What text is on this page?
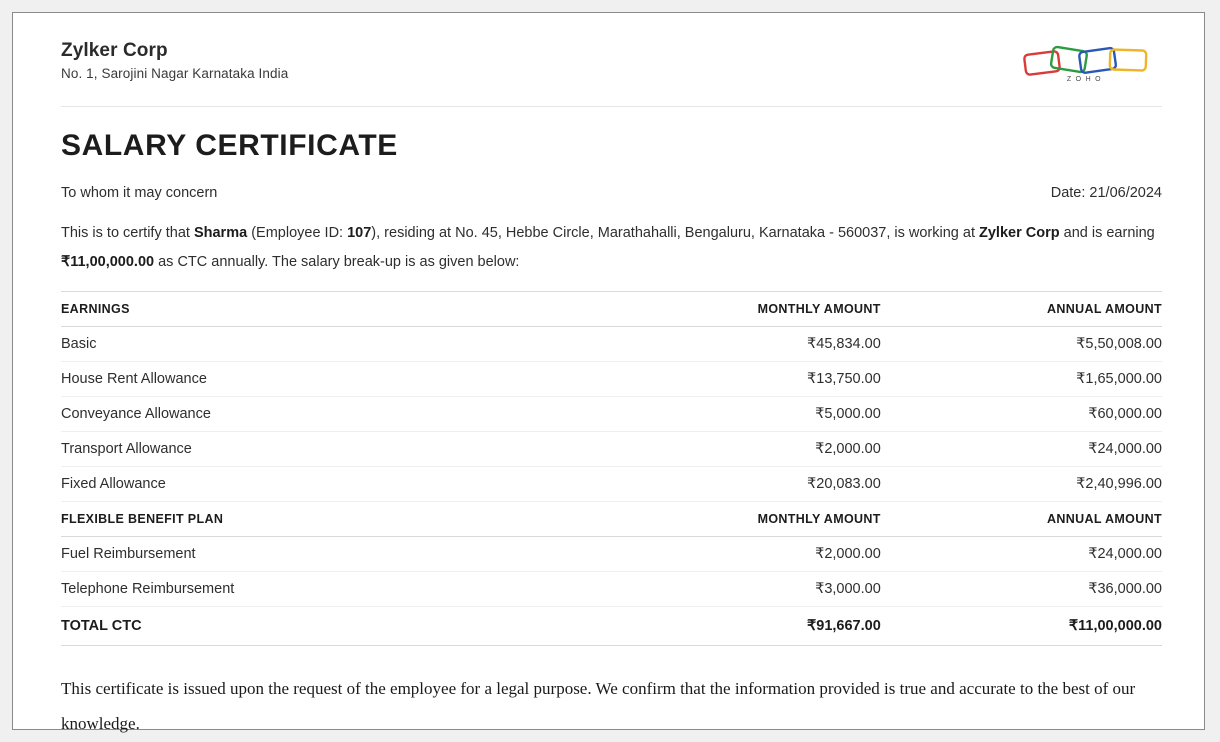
Zylker Corp
No. 1, Sarojini Nagar Karnataka India	ZOHO
SALARY CERTIFICATE
To whom it may concern	Date: 21/06/2024

This is to certify that Sharma (Employee ID: 107), residing at No. 45, Hebbe Circle, Marathahalli, Bengaluru, Karnataka - 560037, is working at Zylker Corp and is earning ₹11,00,000.00 as CTC annually. The salary break-up is as given below:

EARNINGS	MONTHLY AMOUNT	ANNUAL AMOUNT
Basic	₹45,834.00	₹5,50,008.00
House Rent Allowance	₹13,750.00	₹1,65,000.00
Conveyance Allowance	₹5,000.00	₹60,000.00
Transport Allowance	₹2,000.00	₹24,000.00
Fixed Allowance	₹20,083.00	₹2,40,996.00
FLEXIBLE BENEFIT PLAN	MONTHLY AMOUNT	ANNUAL AMOUNT
Fuel Reimbursement	₹2,000.00	₹24,000.00
Telephone Reimbursement	₹3,000.00	₹36,000.00
TOTAL CTC	₹91,667.00	₹11,00,000.00

This certificate is issued upon the request of the employee for a legal purpose. We confirm that the information provided is true and accurate to the best of our knowledge.
